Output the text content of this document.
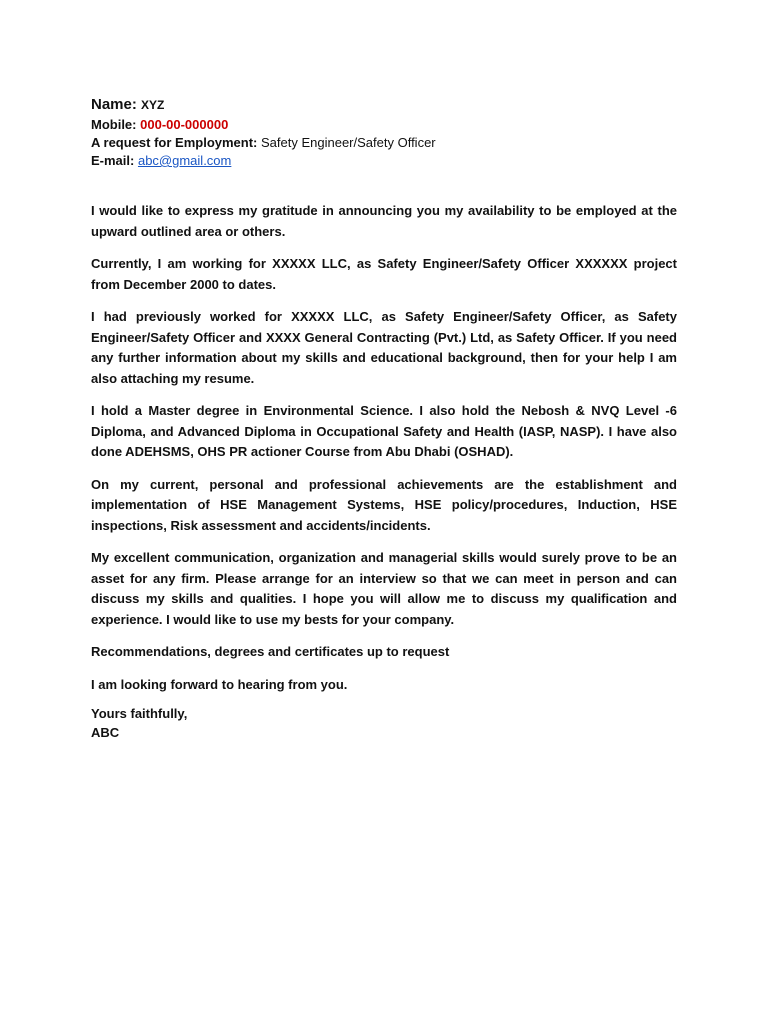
Name: XYZ
Mobile: 000-00-000000
A request for Employment: Safety Engineer/Safety Officer
E-mail: abc@gmail.com

I would like to express my gratitude in announcing you my availability to be employed at the upward outlined area or others.

Currently, I am working for XXXXX LLC, as Safety Engineer/Safety Officer XXXXXX project from December 2000 to dates.

I had previously worked for XXXXX LLC, as Safety Engineer/Safety Officer, as Safety Engineer/Safety Officer and XXXX General Contracting (Pvt.) Ltd, as Safety Officer. If you need any further information about my skills and educational background, then for your help I am also attaching my resume.

I hold a Master degree in Environmental Science. I also hold the Nebosh & NVQ Level -6 Diploma, and Advanced Diploma in Occupational Safety and Health (IASP, NASP). I have also done ADEHSMS, OHS PR actioner Course from Abu Dhabi (OSHAD).

On my current, personal and professional achievements are the establishment and implementation of HSE Management Systems, HSE policy/procedures, Induction, HSE inspections, Risk assessment and accidents/incidents.

My excellent communication, organization and managerial skills would surely prove to be an asset for any firm. Please arrange for an interview so that we can meet in person and can discuss my skills and qualities. I hope you will allow me to discuss my qualification and experience. I would like to use my bests for your company.

Recommendations, degrees and certificates up to request

I am looking forward to hearing from you.

Yours faithfully,
ABC
